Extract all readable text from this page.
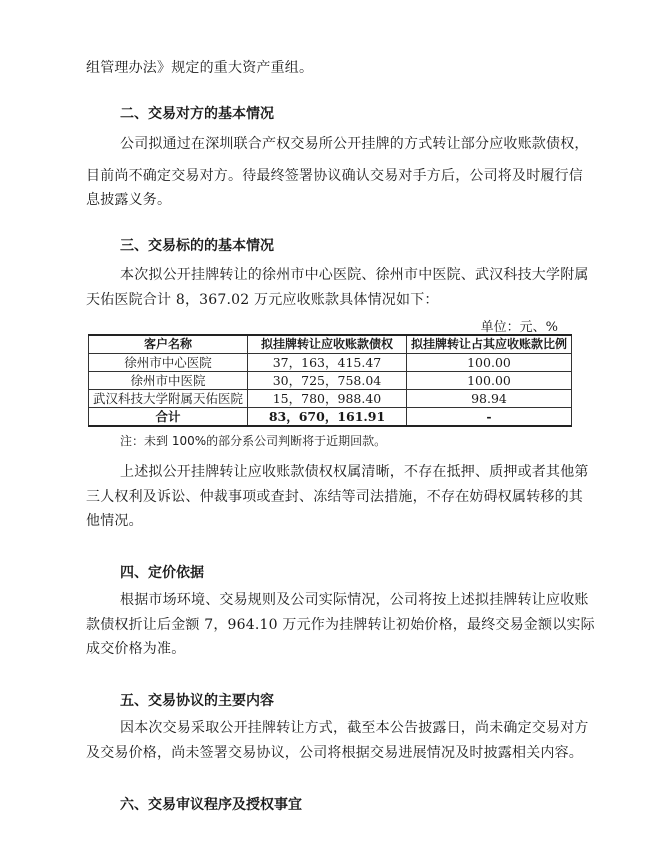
组管理办法》规定的重大资产重组。
二、交易对方的基本情况
公司拟通过在深圳联合产权交易所公开挂牌的方式转让部分应收账款债权，
目前尚不确定交易对方。待最终签署协议确认交易对手方后，公司将及时履行信
息披露义务。
三、交易标的的基本情况
本次拟公开挂牌转让的徐州市中心医院、徐州市中医院、武汉科技大学附属
天佑医院合计 8，367.02 万元应收账款具体情况如下：
单位：元、%
客户名称	拟挂牌转让应收账款债权	拟挂牌转让占其应收账款比例
徐州市中心医院	37，163，415.47	100.00
徐州市中医院	30，725，758.04	100.00
武汉科技大学附属天佑医院	15，780，988.40	98.94
合计	83，670，161.91	-
注：未到 100%的部分系公司判断将于近期回款。
上述拟公开挂牌转让应收账款债权权属清晰，不存在抵押、质押或者其他第
三人权利及诉讼、仲裁事项或查封、冻结等司法措施，不存在妨碍权属转移的其
他情况。
四、定价依据
根据市场环境、交易规则及公司实际情况，公司将按上述拟挂牌转让应收账
款债权折让后金额 7，964.10 万元作为挂牌转让初始价格，最终交易金额以实际
成交价格为准。
五、交易协议的主要内容
因本次交易采取公开挂牌转让方式，截至本公告披露日，尚未确定交易对方
及交易价格，尚未签署交易协议，公司将根据交易进展情况及时披露相关内容。
六、交易审议程序及授权事宜
